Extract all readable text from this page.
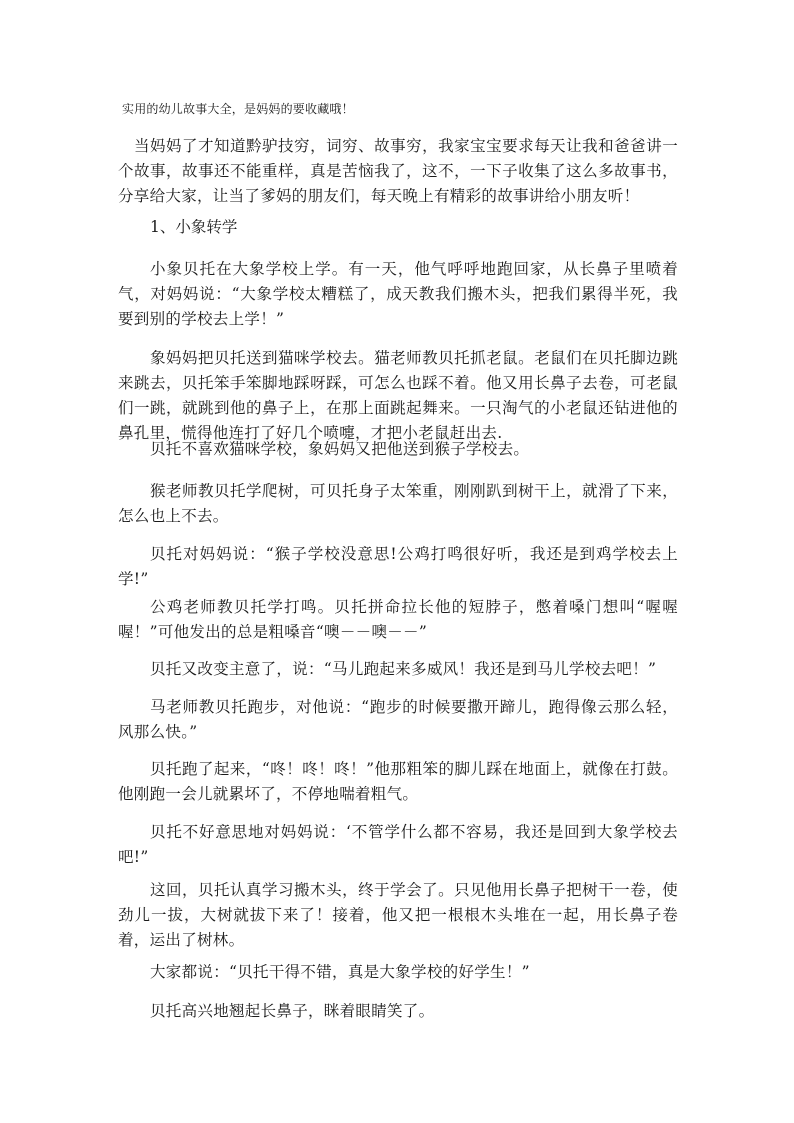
实用的幼儿故事大全，是妈妈的要收藏哦！

当妈妈了才知道黔驴技穷，词穷、故事穷，我家宝宝要求每天让我和爸爸讲一个故事，故事还不能重样，真是苦恼我了，这不，一下子收集了这么多故事书，分享给大家，让当了爹妈的朋友们，每天晚上有精彩的故事讲给小朋友听！

1、小象转学

小象贝托在大象学校上学。有一天，他气呼呼地跑回家，从长鼻子里喷着气，对妈妈说：“大象学校太糟糕了，成天教我们搬木头，把我们累得半死，我要到别的学校去上学！”

象妈妈把贝托送到猫咪学校去。猫老师教贝托抓老鼠。老鼠们在贝托脚边跳来跳去，贝托笨手笨脚地踩呀踩，可怎么也踩不着。他又用长鼻子去卷，可老鼠们一跳，就跳到他的鼻子上，在那上面跳起舞来。一只淘气的小老鼠还钻进他的鼻孔里，慌得他连打了好几个喷嚏，才把小老鼠赶出去.

贝托不喜欢猫咪学校，象妈妈又把他送到猴子学校去。

猴老师教贝托学爬树，可贝托身子太笨重，刚刚趴到树干上，就滑了下来，怎么也上不去。

贝托对妈妈说：“猴子学校没意思!公鸡打鸣很好听，我还是到鸡学校去上学!”

公鸡老师教贝托学打鸣。贝托拼命拉长他的短脖子，憋着嗓门想叫“喔喔喔！”可他发出的总是粗嗓音“噢－－噢－－”

贝托又改变主意了，说：“马儿跑起来多威风！我还是到马儿学校去吧！”

马老师教贝托跑步，对他说：“跑步的时候要撒开蹄儿，跑得像云那么轻，风那么快。”

贝托跑了起来，“咚！咚！咚！”他那粗笨的脚儿踩在地面上，就像在打鼓。他刚跑一会儿就累坏了，不停地喘着粗气。

贝托不好意思地对妈妈说：‘不管学什么都不容易，我还是回到大象学校去吧!”

这回，贝托认真学习搬木头，终于学会了。只见他用长鼻子把树干一卷，使劲儿一拔，大树就拔下来了！接着，他又把一根根木头堆在一起，用长鼻子卷着，运出了树林。

大家都说：“贝托干得不错，真是大象学校的好学生！”

贝托高兴地翘起长鼻子，眯着眼睛笑了。
